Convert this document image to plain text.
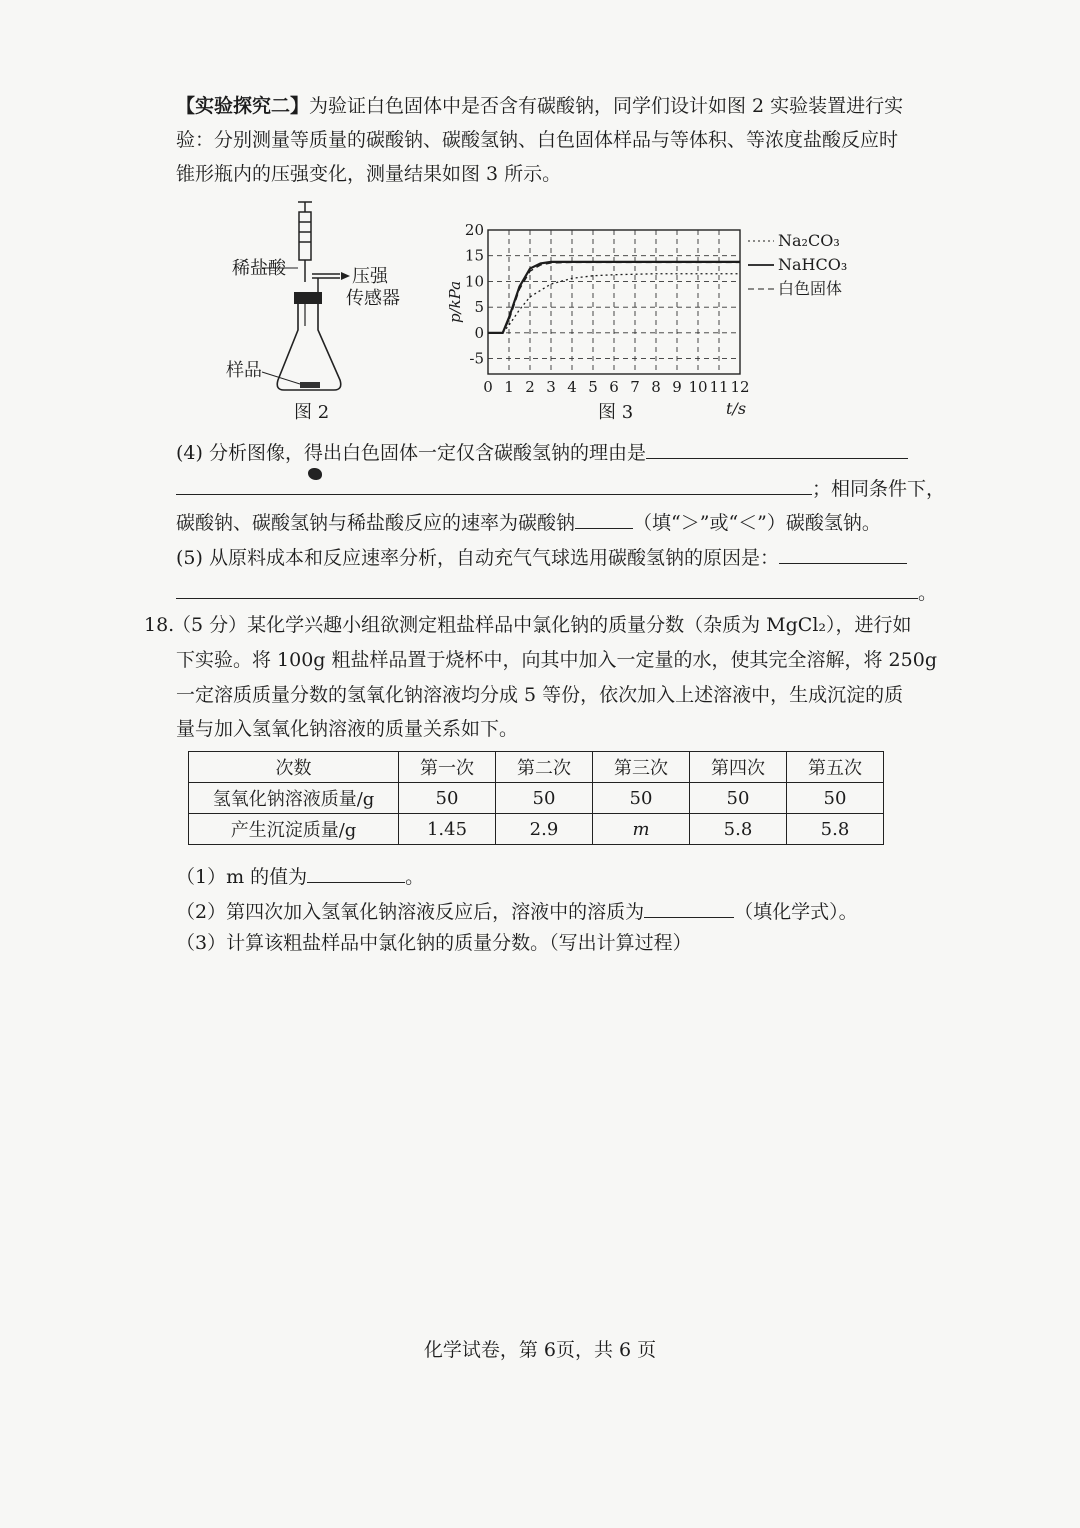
【实验探究二】为验证白色固体中是否含有碳酸钠，同学们设计如图 2 实验装置进行实
验：分别测量等质量的碳酸钠、碳酸氢钠、白色固体样品与等体积、等浓度盐酸反应时
锥形瓶内的压强变化，测量结果如图 3 所示。
稀盐酸	压强
传感器
样品
图 2
0 1 2 3 4 5 6 7 8 9 10 11 12
20
15
10
5
0
-5
Na₂CO₃
NaHCO₃
白色固体
p/kPa
t/s
图 3
(4) 分析图像，得出白色固体一定仅含碳酸氢钠的理由是
；相同条件下，
碳酸钠、碳酸氢钠与稀盐酸反应的速率为碳酸钠	（填“＞”或“＜”）碳酸氢钠。
(5) 从原料成本和反应速率分析，自动充气气球选用碳酸氢钠的原因是：
。
18.
（5 分）某化学兴趣小组欲测定粗盐样品中氯化钠的质量分数（杂质为 MgCl₂），进行如
下实验。将 100g 粗盐样品置于烧杯中，向其中加入一定量的水，使其完全溶解，将 250g
一定溶质质量分数的氢氧化钠溶液均分成 5 等份，依次加入上述溶液中，生成沉淀的质
量与加入氢氧化钠溶液的质量关系如下。
次数	第一次	第二次	第三次	第四次	第五次
氢氧化钠溶液质量/g	50	50	50	50	50
产生沉淀质量/g	1.45	2.9	m	5.8	5.8
（1）m 的值为	。
（2）第四次加入氢氧化钠溶液反应后，溶液中的溶质为	（填化学式）。
（3）计算该粗盐样品中氯化钠的质量分数。（写出计算过程）
化学试卷，第 6页，共 6 页
